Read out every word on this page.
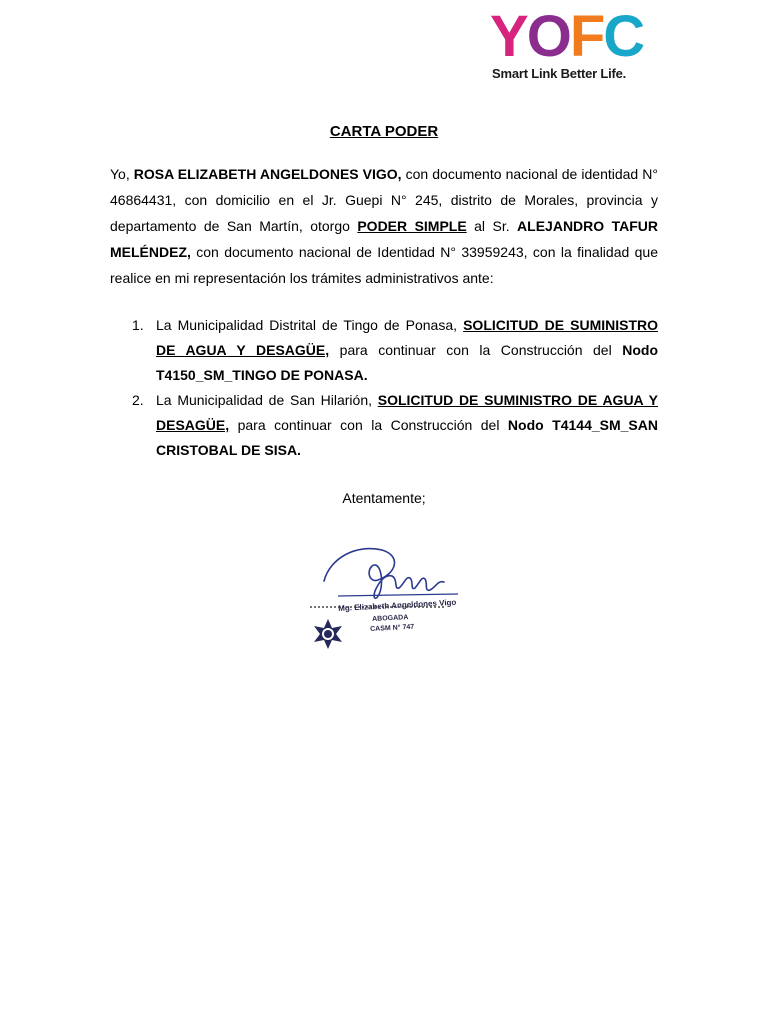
YOFC
Smart Link Better Life.
CARTA PODER

Yo, ROSA ELIZABETH ANGELDONES VIGO, con documento nacional de identidad N° 46864431, con domicilio en el Jr. Guepi N° 245, distrito de Morales, provincia y departamento de San Martín, otorgo PODER SIMPLE al Sr. ALEJANDRO TAFUR MELÉNDEZ, con documento nacional de Identidad N° 33959243, con la finalidad que realice en mi representación los trámites administrativos ante:

1. La Municipalidad Distrital de Tingo de Ponasa, SOLICITUD DE SUMINISTRO DE AGUA Y DESAGÜE, para continuar con la Construcción del Nodo T4150_SM_TINGO DE PONASA.
2. La Municipalidad de San Hilarión, SOLICITUD DE SUMINISTRO DE AGUA Y DESAGÜE, para continuar con la Construcción del Nodo T4144_SM_SAN CRISTOBAL DE SISA.

Atentamente;

Mg. Elizabeth Angeldones Vigo
ABOGADA
CASM N° 747
